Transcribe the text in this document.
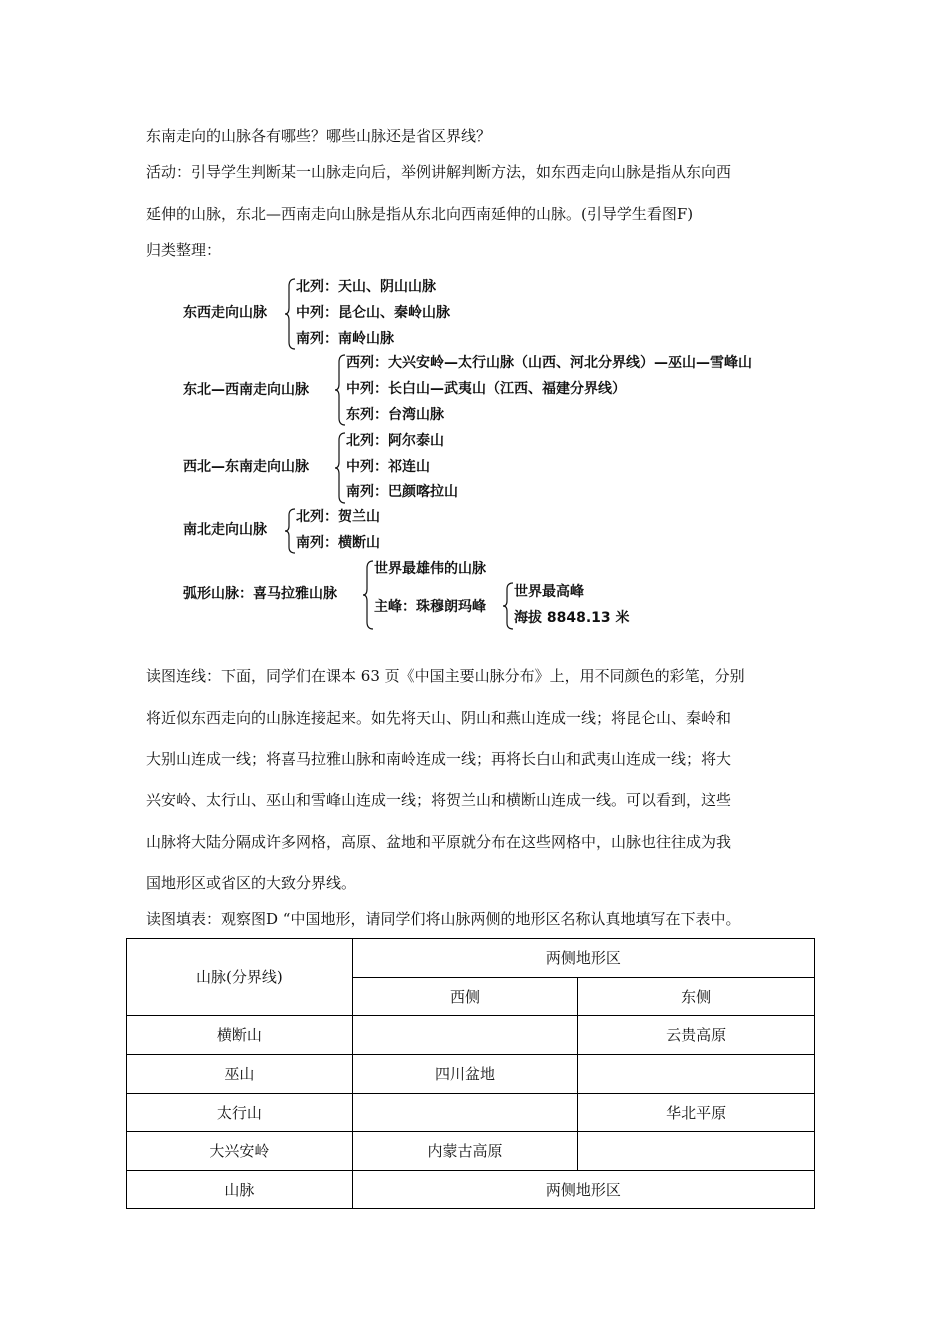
东南走向的山脉各有哪些？哪些山脉还是省区界线？
活动：引导学生判断某一山脉走向后，举例讲解判断方法，如东西走向山脉是指从东向西
延伸的山脉，东北—西南走向山脉是指从东北向西南延伸的山脉。(引导学生看图F)
归类整理：
东西走向山脉
北列：天山、阴山山脉
中列：昆仑山、秦岭山脉
南列：南岭山脉
东北—西南走向山脉
西列：大兴安岭—太行山脉（山西、河北分界线）—巫山—雪峰山
中列：长白山—武夷山（江西、福建分界线）
东列：台湾山脉
西北—东南走向山脉
北列：阿尔泰山
中列：祁连山
南列：巴颜喀拉山
南北走向山脉
北列：贺兰山
南列：横断山
弧形山脉：喜马拉雅山脉
世界最雄伟的山脉
主峰：珠穆朗玛峰
世界最高峰
海拔 8848.13 米
读图连线：下面，同学们在课本 63 页《中国主要山脉分布》上，用不同颜色的彩笔，分别
将近似东西走向的山脉连接起来。如先将天山、阴山和燕山连成一线；将昆仑山、秦岭和
大别山连成一线；将喜马拉雅山脉和南岭连成一线；再将长白山和武夷山连成一线；将大
兴安岭、太行山、巫山和雪峰山连成一线；将贺兰山和横断山连成一线。可以看到，这些
山脉将大陆分隔成许多网格，高原、盆地和平原就分布在这些网格中，山脉也往往成为我
国地形区或省区的大致分界线。
读图填表：观察图D “中国地形，请同学们将山脉两侧的地形区名称认真地填写在下表中。
山脉(分界线)	两侧地形区	
	西侧	东侧
横断山		云贵高原
巫山	四川盆地	
太行山		华北平原
大兴安岭	内蒙古高原	
山脉	两侧地形区	
